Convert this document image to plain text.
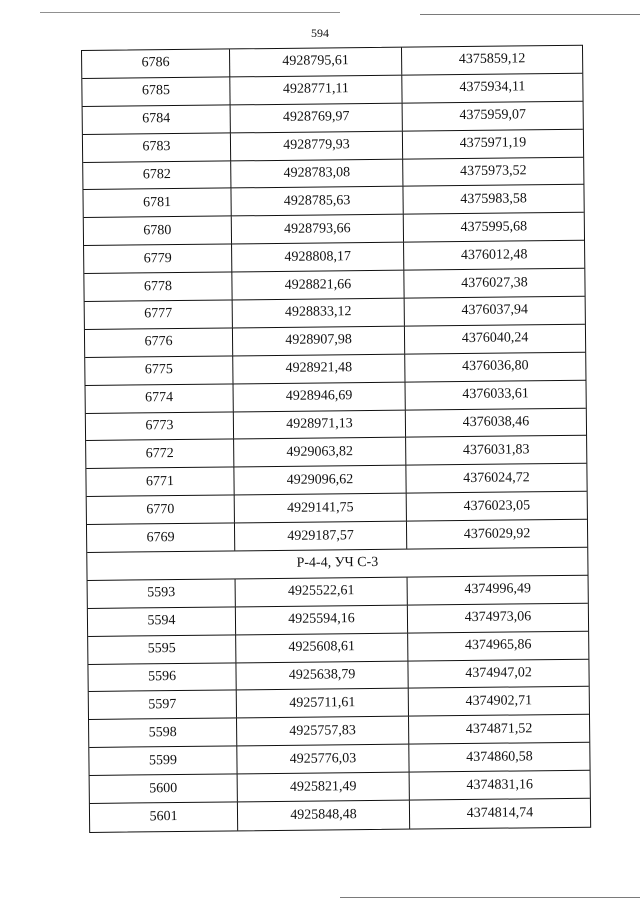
594
6786	4928795,61	4375859,12
6785	4928771,11	4375934,11
6784	4928769,97	4375959,07
6783	4928779,93	4375971,19
6782	4928783,08	4375973,52
6781	4928785,63	4375983,58
6780	4928793,66	4375995,68
6779	4928808,17	4376012,48
6778	4928821,66	4376027,38
6777	4928833,12	4376037,94
6776	4928907,98	4376040,24
6775	4928921,48	4376036,80
6774	4928946,69	4376033,61
6773	4928971,13	4376038,46
6772	4929063,82	4376031,83
6771	4929096,62	4376024,72
6770	4929141,75	4376023,05
6769	4929187,57	4376029,92
Р-4-4, УЧ С-3
5593	4925522,61	4374996,49
5594	4925594,16	4374973,06
5595	4925608,61	4374965,86
5596	4925638,79	4374947,02
5597	4925711,61	4374902,71
5598	4925757,83	4374871,52
5599	4925776,03	4374860,58
5600	4925821,49	4374831,16
5601	4925848,48	4374814,74
